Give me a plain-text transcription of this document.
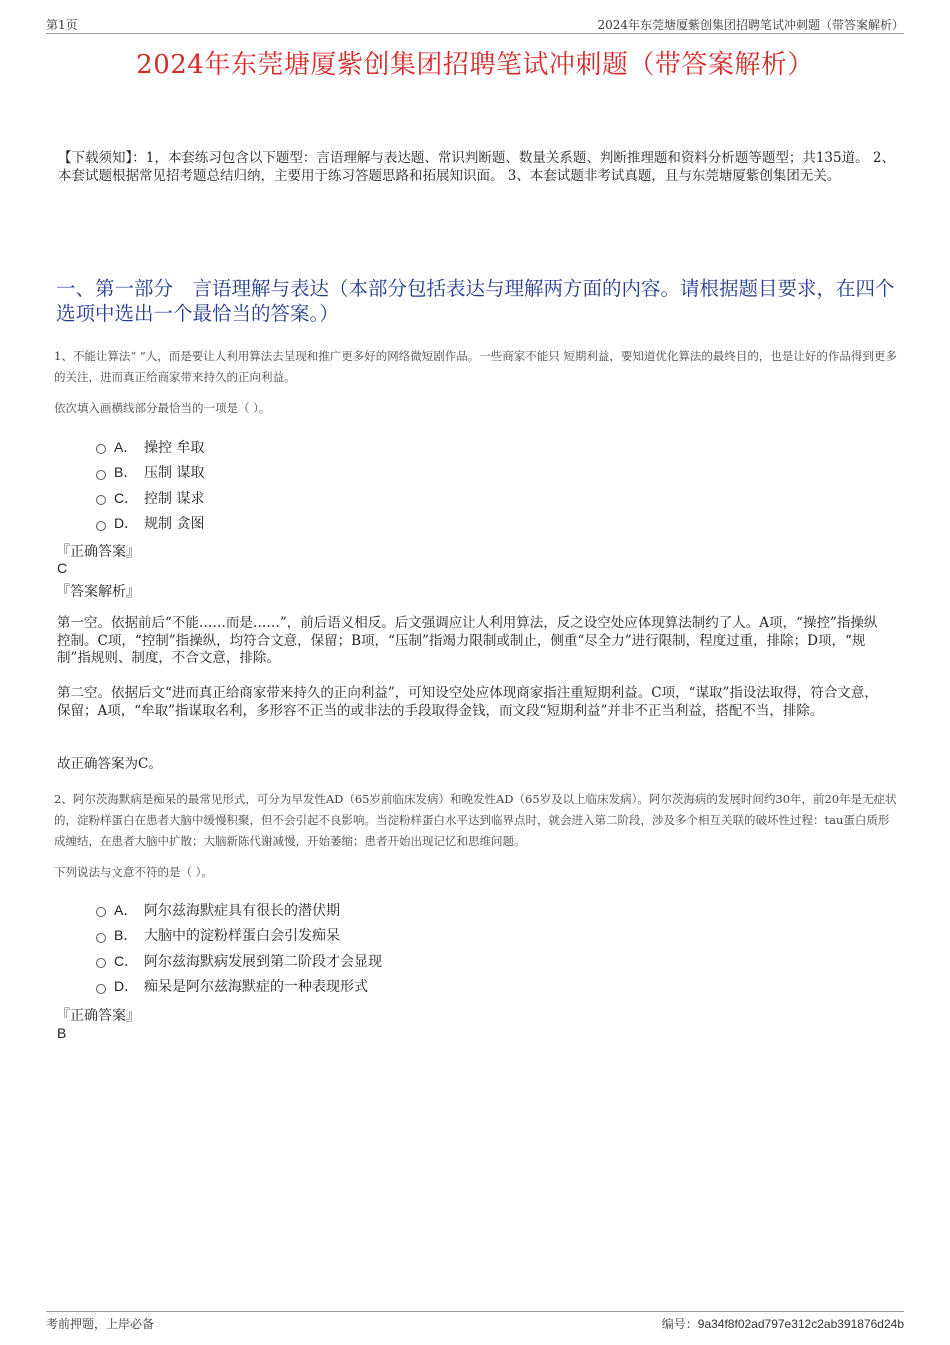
第1页	2024年东莞塘厦紫创集团招聘笔试冲刺题（带答案解析）
2024年东莞塘厦紫创集团招聘笔试冲刺题（带答案解析）
【下载须知】：1，本套练习包含以下题型：言语理解与表达题、常识判断题、数量关系题、判断推理题和资料分析题等题型；共135道。 2、本套试题根据常见招考题总结归纳，主要用于练习答题思路和拓展知识面。 3、本套试题非考试真题，且与东莞塘厦紫创集团无关。
一、第一部分　言语理解与表达（本部分包括表达与理解两方面的内容。请根据题目要求，在四个选项中选出一个最恰当的答案。）
1、不能让算法“ ”人，而是要让人利用算法去呈现和推广更多好的网络微短剧作品。一些商家不能只 短期利益，要知道优化算法的最终目的，也是让好的作品得到更多的关注，进而真正给商家带来持久的正向利益。
依次填入画横线部分最恰当的一项是（ ）。
A． 操控 牟取
B． 压制 谋取
C． 控制 谋求
D． 规制 贪图
『正确答案』
C
『答案解析』
第一空。依据前后“不能……而是……”，前后语义相反。后文强调应让人利用算法，反之设空处应体现算法制约了人。A项，“操控”指操纵控制。C项，“控制”指操纵，均符合文意，保留；B项，“压制”指竭力限制或制止，侧重“尽全力”进行限制，程度过重，排除；D项，“规制”指规则、制度，不合文意，排除。
第二空。依据后文“进而真正给商家带来持久的正向利益”，可知设空处应体现商家指注重短期利益。C项，“谋取”指设法取得，符合文意，保留；A项，“牟取”指谋取名利，多形容不正当的或非法的手段取得金钱，而文段“短期利益”并非不正当利益，搭配不当，排除。
故正确答案为C。
2、阿尔茨海默病是痴呆的最常见形式，可分为早发性AD（65岁前临床发病）和晚发性AD（65岁及以上临床发病）。阿尔茨海病的发展时间约30年，前20年是无症状的，淀粉样蛋白在患者大脑中缓慢积聚，但不会引起不良影响。当淀粉样蛋白水平达到临界点时，就会进入第二阶段，涉及多个相互关联的破坏性过程：tau蛋白质形成缠结，在患者大脑中扩散；大脑新陈代谢减慢，开始萎缩；患者开始出现记忆和思维问题。
下列说法与文意不符的是（ ）。
A． 阿尔兹海默症具有很长的潜伏期
B． 大脑中的淀粉样蛋白会引发痴呆
C． 阿尔兹海默病发展到第二阶段才会显现
D． 痴呆是阿尔兹海默症的一种表现形式
『正确答案』
B
考前押题，上岸必备	编号：9a34f8f02ad797e312c2ab391876d24b
